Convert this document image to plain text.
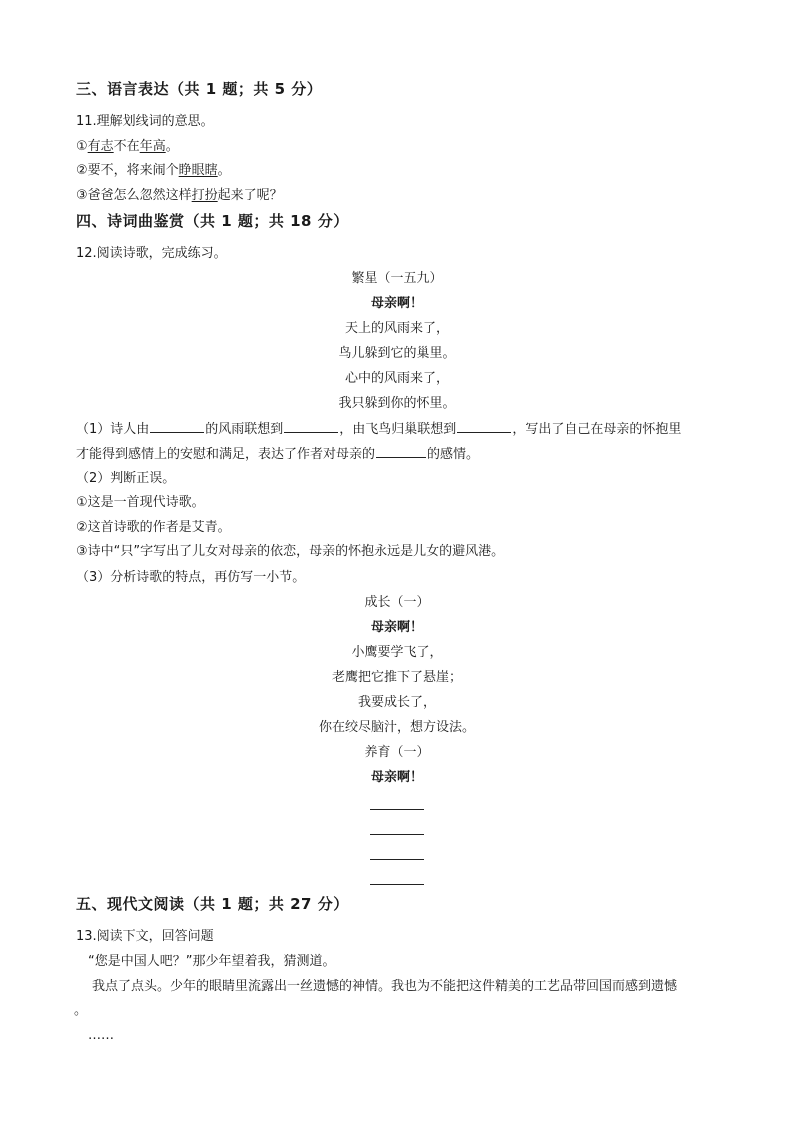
三、语言表达（共 1 题；共 5 分）
11.理解划线词的意思。
①有志不在年高。
②要不，将来闹个睁眼瞎。
③爸爸怎么忽然这样打扮起来了呢？
四、诗词曲鉴赏（共 1 题；共 18 分）
12.阅读诗歌，完成练习。
繁星（一五九）
母亲啊！
天上的风雨来了，
鸟儿躲到它的巢里。
心中的风雨来了，
我只躲到你的怀里。
（1）诗人由	的风雨联想到	，由飞鸟归巢联想到	，写出了自己在母亲的怀抱里
才能得到感情上的安慰和满足，表达了作者对母亲的	的感情。
（2）判断正误。
①这是一首现代诗歌。
②这首诗歌的作者是艾青。
③诗中“只”字写出了儿女对母亲的依恋，母亲的怀抱永远是儿女的避风港。
（3）分析诗歌的特点，再仿写一小节。
成长（一）
母亲啊！
小鹰要学飞了，
老鹰把它推下了悬崖；
我要成长了，
你在绞尽脑汁，想方设法。
养育（一）
母亲啊！
五、现代文阅读（共 1 题；共 27 分）
13.阅读下文，回答问题
“您是中国人吧？”那少年望着我，猜测道。
我点了点头。少年的眼睛里流露出一丝遗憾的神情。我也为不能把这件精美的工艺品带回国而感到遗憾
。
……
